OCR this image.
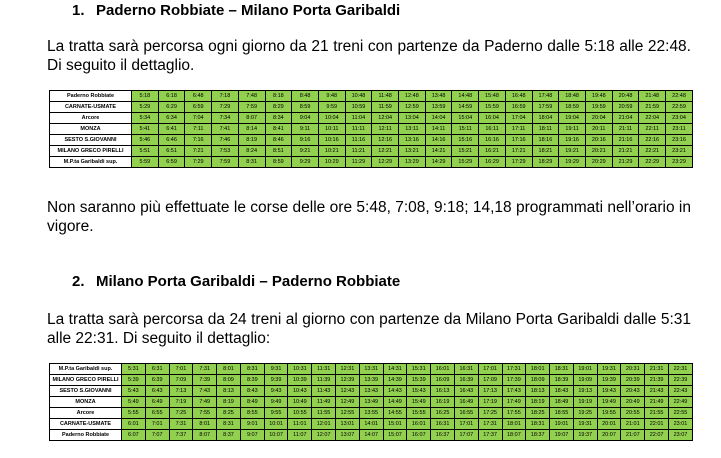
1. Paderno Robbiate – Milano Porta Garibaldi
La tratta sarà percorsa ogni giorno da 21 treni con partenze da Paderno dalle 5:18 alle 22:48. Di seguito il dettaglio.
Paderno Robbiate	5:18	6:18	6:48	7:18	7:48	8:18	8:48	9:48	10:48	11:48	12:48	13:48	14:48	15:48	16:48	17:48	18:48	19:48	20:48	21:48	22:48
CARNATE-USMATE	5:29	6:29	6:59	7:29	7:59	8:29	8:59	9:59	10:59	11:59	12:59	13:59	14:59	15:59	16:59	17:59	18:59	19:59	20:59	21:59	22:59
Arcore	5:34	6:34	7:04	7:34	8:07	8:34	9:04	10:04	11:04	12:04	13:04	14:04	15:04	16:04	17:04	18:04	19:04	20:04	21:04	22:04	23:04
MONZA	5:41	6:41	7:11	7:41	8:14	8:41	9:11	10:11	11:11	12:11	13:11	14:11	15:11	16:11	17:11	18:11	19:11	20:11	21:11	22:11	23:11
SESTO S.GIOVANNI	5:46	6:46	7:16	7:46	8:19	8:46	9:16	10:16	11:16	12:16	13:16	14:16	15:16	16:16	17:16	18:16	19:16	20:16	21:16	22:16	23:16
MILANO GRECO PIRELLI	5:51	6:51	7:21	7:53	8:24	8:51	9:21	10:21	11:21	12:21	13:21	14:21	15:21	16:21	17:21	18:21	19:21	20:21	21:21	22:21	23:21
M.P.ta Garibaldi sup.	5:59	6:59	7:29	7:59	8:31	8:59	9:29	10:29	11:29	12:29	13:29	14:29	15:29	16:29	17:29	18:29	19:29	20:29	21:29	22:29	23:29
Non saranno più effettuate le corse delle ore 5:48, 7:08, 9:18; 14,18 programmati nell’orario in vigore.
2. Milano Porta Garibaldi – Paderno Robbiate
La tratta sarà percorsa da 24 treni al giorno con partenze da Milano Porta Garibaldi dalle 5:31 alle 22:31. Di seguito il dettaglio:
M.P.ta Garibaldi sup.	5:31	6:31	7:01	7:31	8:01	8:31	9:31	10:31	11:31	12:31	13:31	14:31	15:31	16:01	16:31	17:01	17:31	18:01	18:31	19:01	19:31	20:31	21:31	22:31
MILANO GRECO PIRELLI	5:39	6:39	7:09	7:39	8:09	8:39	9:39	10:39	11:39	12:39	13:39	14:39	15:39	16:09	16:39	17:09	17:39	18:09	18:39	19:09	19:39	20:39	21:39	22:39
SESTO S.GIOVANNI	5:43	6:43	7:13	7:43	8:13	8:43	9:43	10:43	11:43	12:43	13:43	14:43	15:43	16:13	16:43	17:13	17:43	18:13	18:43	19:13	19:43	20:43	21:43	22:43
MONZA	5:49	6:49	7:19	7:49	8:19	8:49	9:49	10:49	11:49	12:49	13:49	14:49	15:49	16:19	16:49	17:19	17:49	18:19	18:49	19:19	19:49	20:49	21:49	22:49
Arcore	5:55	6:55	7:25	7:55	8:25	8:55	9:55	10:55	11:55	12:55	13:55	14:55	15:55	16:25	16:55	17:25	17:55	18:25	18:55	19:25	19:55	20:55	21:55	22:55
CARNATE-USMATE	6:01	7:01	7:31	8:01	8:31	9:01	10:01	11:01	12:01	13:01	14:01	15:01	16:01	16:31	17:01	17:31	18:01	18:31	19:01	19:31	20:01	21:01	22:01	23:01
Paderno Robbiate	6:07	7:07	7:37	8:07	8:37	9:07	10:07	11:07	12:07	13:07	14:07	15:07	16:07	16:37	17:07	17:37	18:07	18:37	19:07	19:37	20:07	21:07	22:07	23:07
